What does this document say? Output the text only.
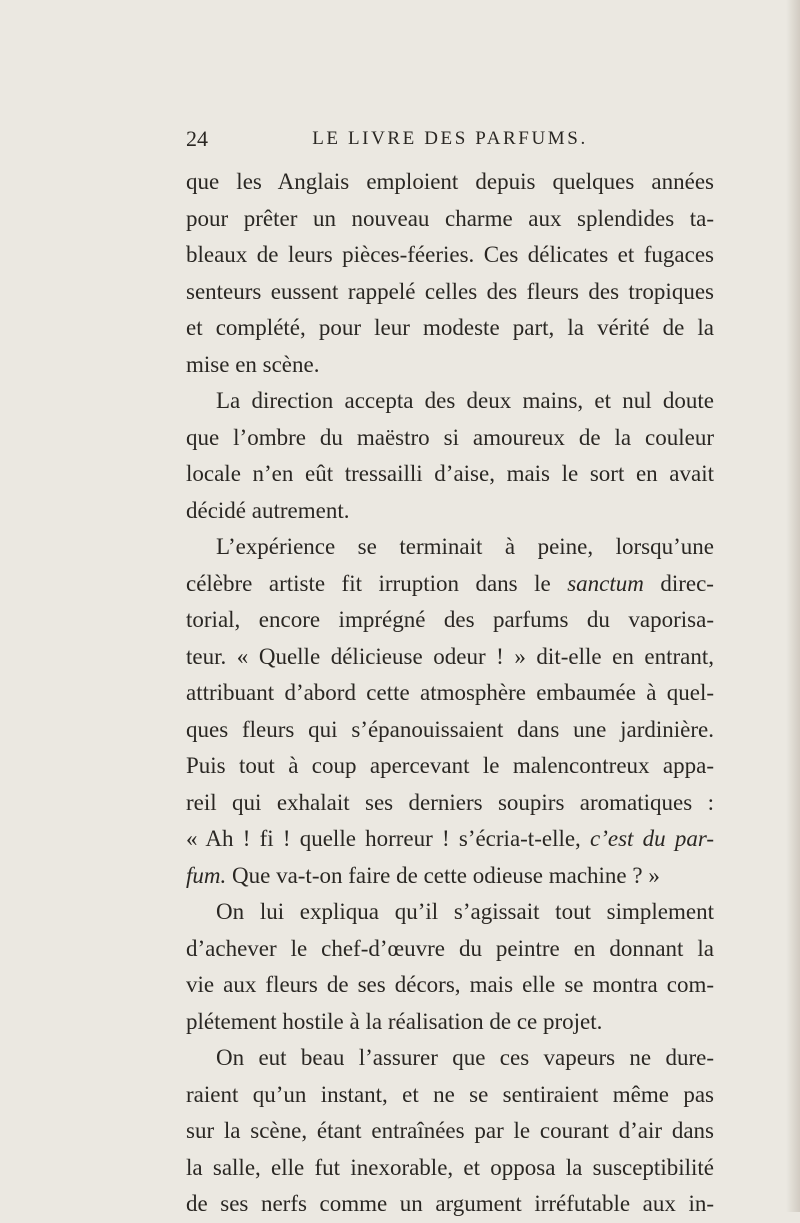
24	LE LIVRE DES PARFUMS.
que les Anglais emploient depuis quelques années
pour prêter un nouveau charme aux splendides ta-
bleaux de leurs pièces-féeries. Ces délicates et fugaces
senteurs eussent rappelé celles des fleurs des tropiques
et complété, pour leur modeste part, la vérité de la
mise en scène.
La direction accepta des deux mains, et nul doute
que l’ombre du maëstro si amoureux de la couleur
locale n’en eût tressailli d’aise, mais le sort en avait
décidé autrement.
L’expérience se terminait à peine, lorsqu’une
célèbre artiste fit irruption dans le sanctum direc-
torial, encore imprégné des parfums du vaporisa-
teur. « Quelle délicieuse odeur ! » dit-elle en entrant,
attribuant d’abord cette atmosphère embaumée à quel-
ques fleurs qui s’épanouissaient dans une jardinière.
Puis tout à coup apercevant le malencontreux appa-
reil qui exhalait ses derniers soupirs aromatiques :
« Ah ! fi ! quelle horreur ! s’écria-t-elle, c’est du par-
fum. Que va-t-on faire de cette odieuse machine ? »
On lui expliqua qu’il s’agissait tout simplement
d’achever le chef-d’œuvre du peintre en donnant la
vie aux fleurs de ses décors, mais elle se montra com-
plétement hostile à la réalisation de ce projet.
On eut beau l’assurer que ces vapeurs ne dure-
raient qu’un instant, et ne se sentiraient même pas
sur la scène, étant entraînées par le courant d’air dans
la salle, elle fut inexorable, et opposa la susceptibilité
de ses nerfs comme un argument irréfutable aux in-
